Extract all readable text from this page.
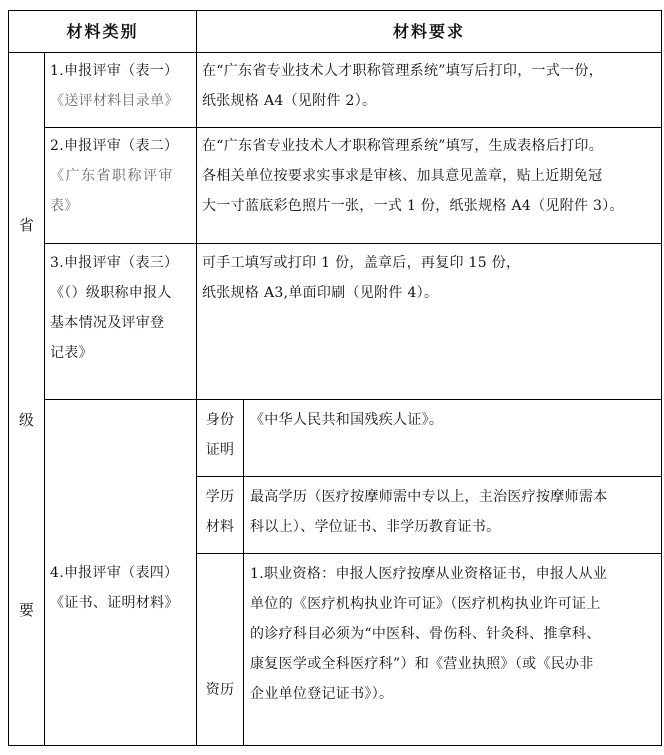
材料类别	材料要求
省
级
要
1.申报评审（表一）
《送评材料目录单》
在“广东省专业技术人才职称管理系统”填写后打印，一式一份，
纸张规格 A4（见附件 2）。
2.申报评审（表二）
《广东省职称评审
表》
在“广东省专业技术人才职称管理系统”填写，生成表格后打印。
各相关单位按要求实事求是审核、加具意见盖章，贴上近期免冠
大一寸蓝底彩色照片一张，一式 1 份，纸张规格 A4（见附件 3）。
3.申报评审（表三）
《（）级职称申报人
基本情况及评审登
记表》
可手工填写或打印 1 份，盖章后，再复印 15 份，
纸张规格 A3,单面印刷（见附件 4）。
4.申报评审（表四）
《证书、证明材料》
身份
证明
《中华人民共和国残疾人证》。
学历
材料
最高学历（医疗按摩师需中专以上，主治医疗按摩师需本
科以上）、学位证书、非学历教育证书。
资历
1.职业资格：申报人医疗按摩从业资格证书，申报人从业
单位的《医疗机构执业许可证》（医疗机构执业许可证上
的诊疗科目必须为“中医科、骨伤科、针灸科、推拿科、
康复医学或全科医疗科”）和《营业执照》（或《民办非
企业单位登记证书》）。
